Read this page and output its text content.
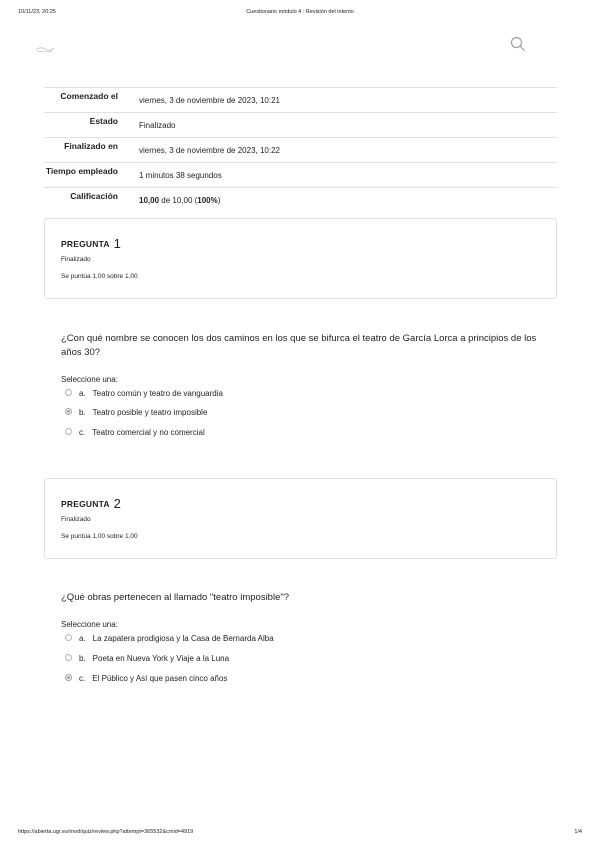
10/11/23, 20:25	Cuestionario módulo 4 : Revisión del intento
Comenzado el	viernes, 3 de noviembre de 2023, 10:21
Estado	Finalizado
Finalizado en	viernes, 3 de noviembre de 2023, 10:22
Tiempo empleado	1 minutos 38 segundos
Calificación	10,00 de 10,00 (100%)
PREGUNTA 1
Finalizado
Se puntúa 1,00 sobre 1,00
¿Con qué nombre se conocen los dos caminos en los que se bifurca el teatro de García Lorca a principios de los
años 30?
Seleccione una:
a. Teatro común y teatro de vanguardia
b. Teatro posible y teatro imposible
c. Teatro comercial y no comercial
PREGUNTA 2
Finalizado
Se puntúa 1,00 sobre 1,00
¿Qué obras pertenecen al llamado "teatro imposible"?
Seleccione una:
a. La zapatera prodigiosa y la Casa de Bernarda Alba
b. Poeta en Nueva York y Viaje a la Luna
c. El Público y Así que pasen cinco años
https://abierta.ugr.es/mod/quiz/review.php?attempt=365532&cmid=4919	1/4
